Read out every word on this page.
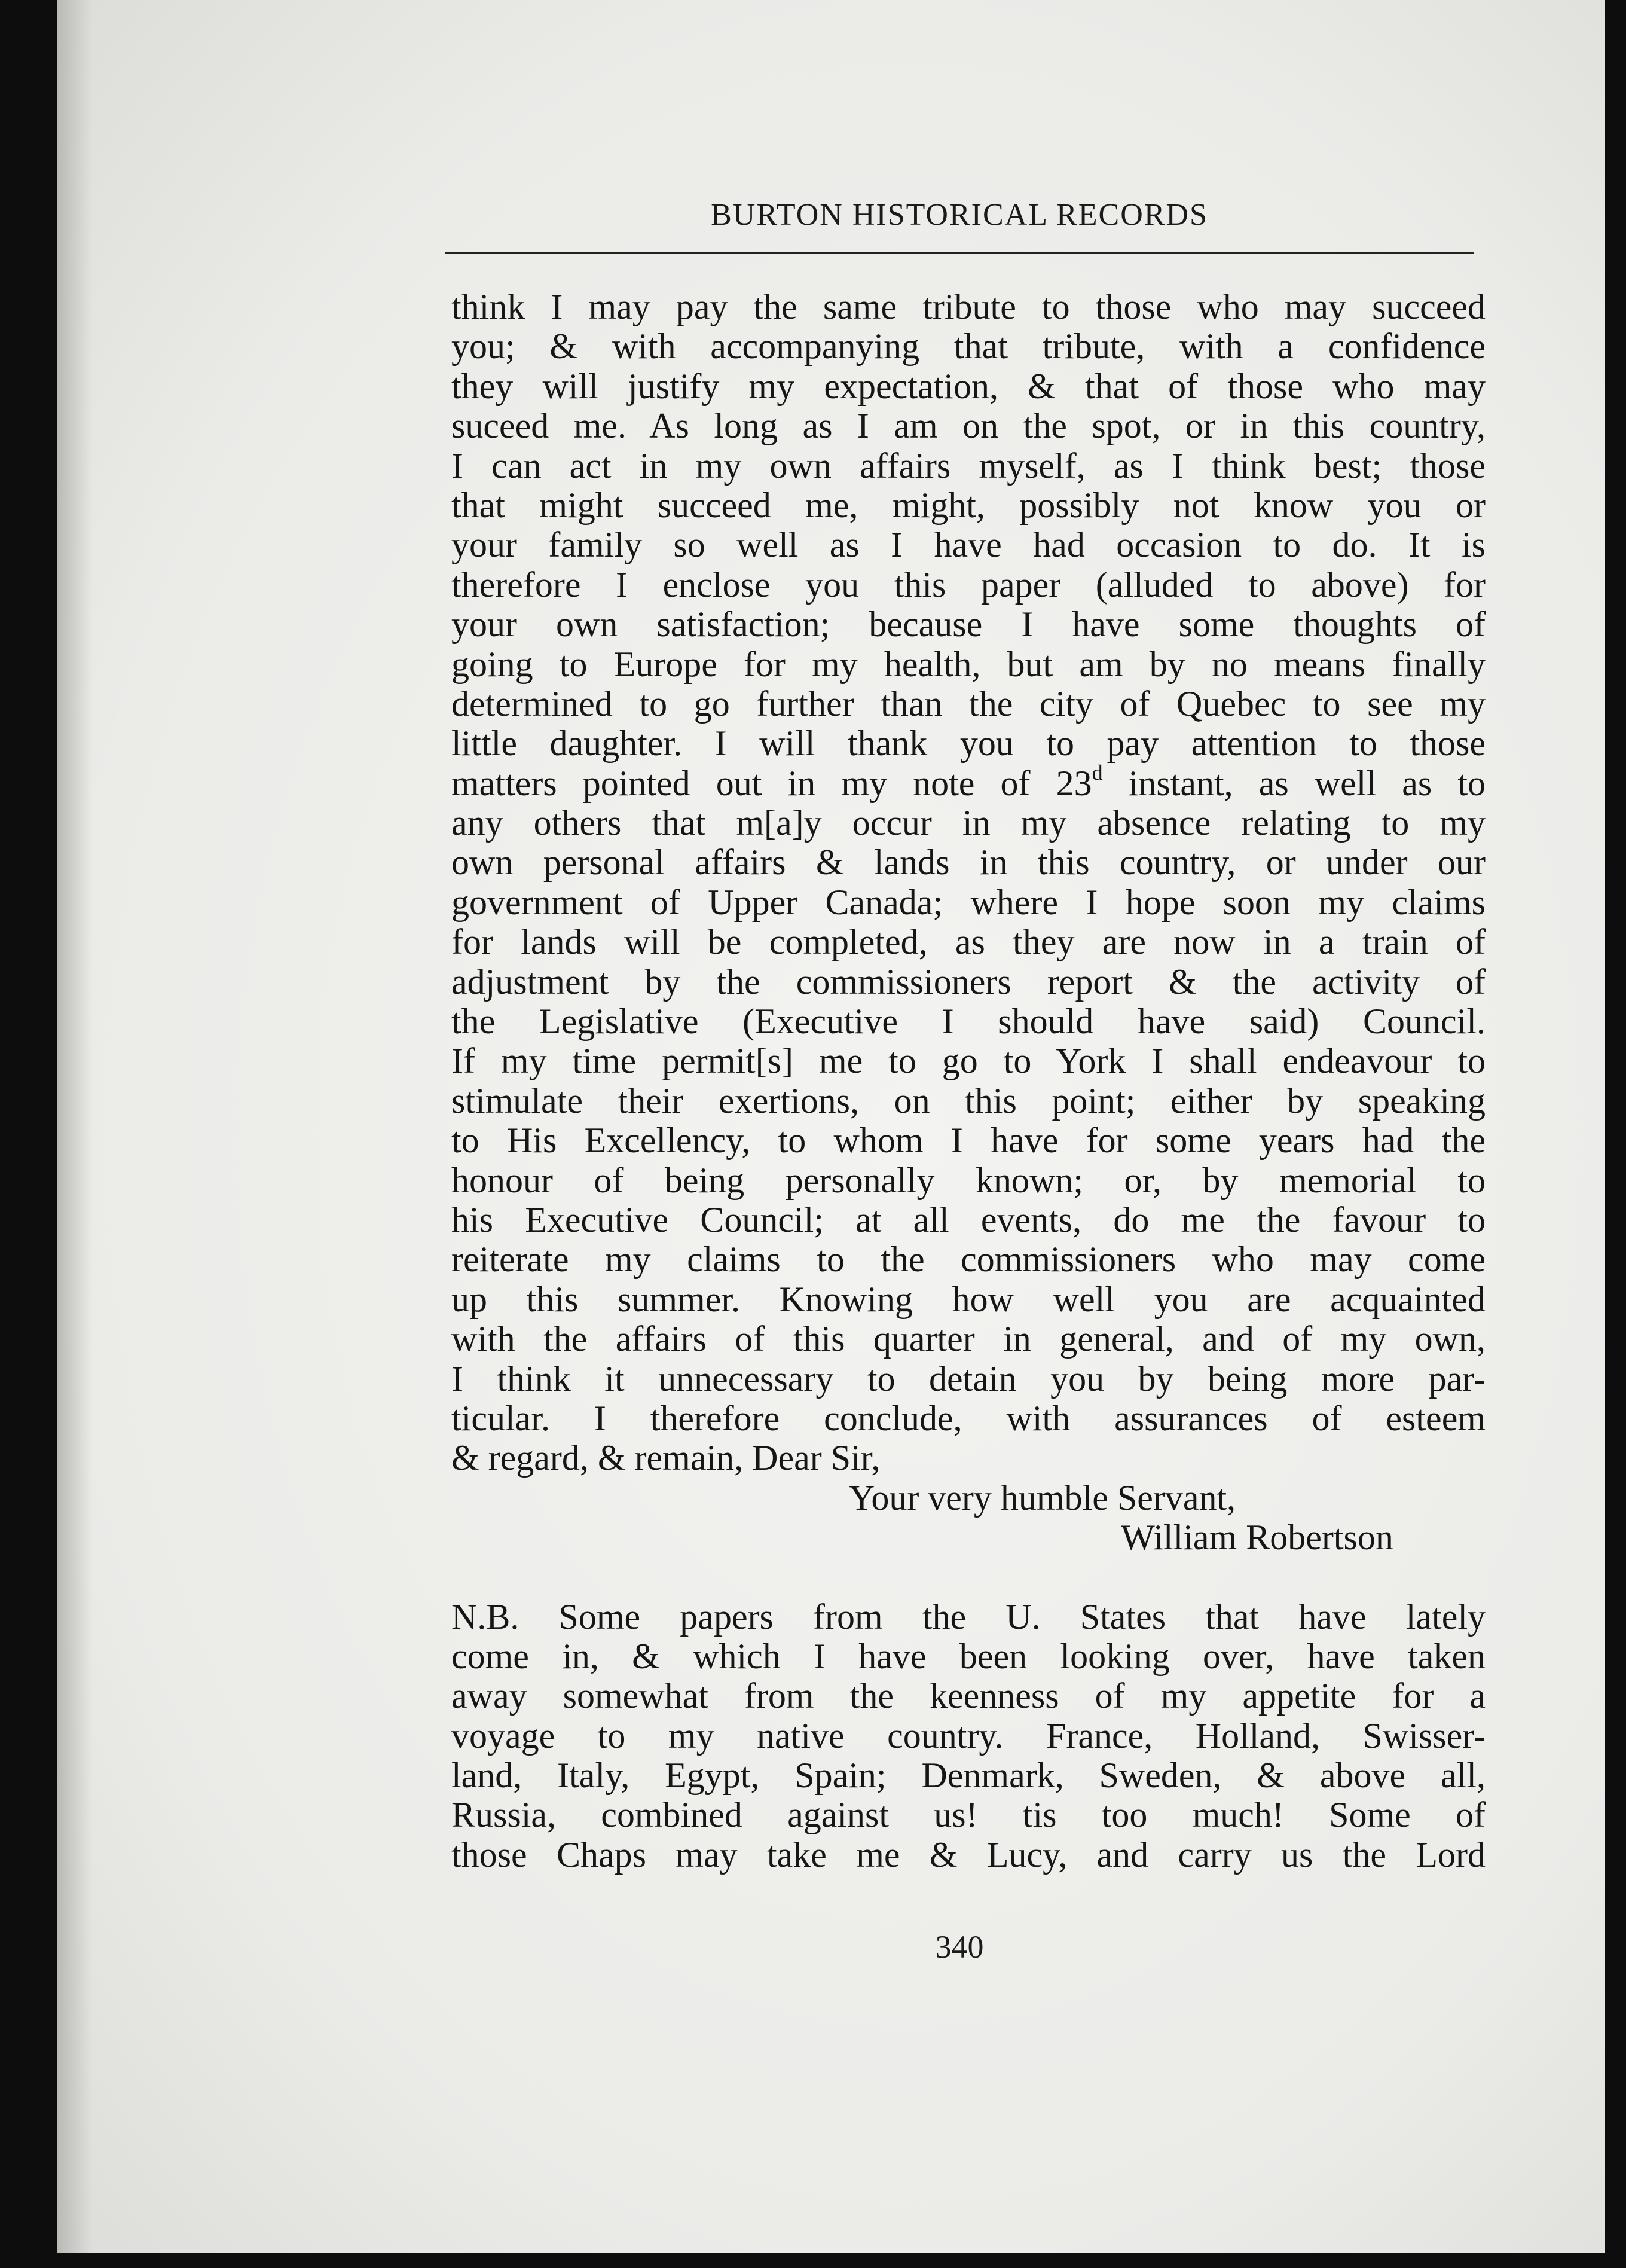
BURTON HISTORICAL RECORDS
think I may pay the same tribute to those who may succeed
you; & with accompanying that tribute, with a confidence
they will justify my expectation, & that of those who may
suceed me. As long as I am on the spot, or in this country,
I can act in my own affairs myself, as I think best; those
that might succeed me, might, possibly not know you or
your family so well as I have had occasion to do. It is
therefore I enclose you this paper (alluded to above) for
your own satisfaction; because I have some thoughts of
going to Europe for my health, but am by no means finally
determined to go further than the city of Quebec to see my
little daughter. I will thank you to pay attention to those
matters pointed out in my note of 23$^d$ instant, as well as to
any others that m[a]y occur in my absence relating to my
own personal affairs & lands in this country, or under our
government of Upper Canada; where I hope soon my claims
for lands will be completed, as they are now in a train of
adjustment by the commissioners report & the activity of
the Legislative (Executive I should have said) Council.
If my time permit[s] me to go to York I shall endeavour to
stimulate their exertions, on this point; either by speaking
to His Excellency, to whom I have for some years had the
honour of being personally known; or, by memorial to
his Executive Council; at all events, do me the favour to
reiterate my claims to the commissioners who may come
up this summer. Knowing how well you are acquainted
with the affairs of this quarter in general, and of my own,
I think it unnecessary to detain you by being more par-
ticular. I therefore conclude, with assurances of esteem
& regard, & remain, Dear Sir,
Your very humble Servant,
William Robertson
N.B. Some papers from the U. States that have lately
come in, & which I have been looking over, have taken
away somewhat from the keenness of my appetite for a
voyage to my native country. France, Holland, Swisser-
land, Italy, Egypt, Spain; Denmark, Sweden, & above all,
Russia, combined against us! tis too much! Some of
those Chaps may take me & Lucy, and carry us the Lord
340
